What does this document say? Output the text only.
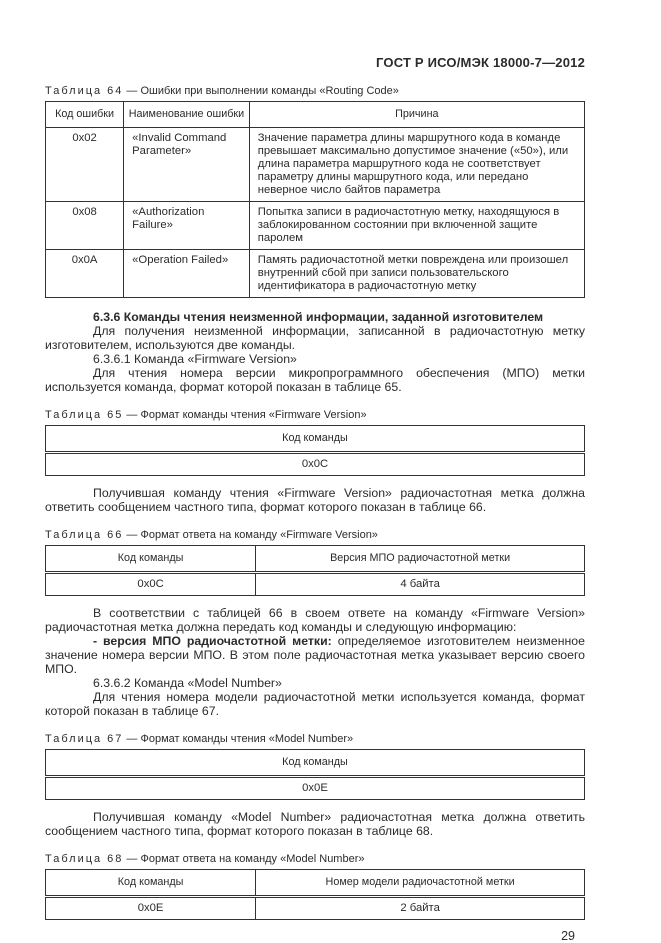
ГОСТ Р ИСО/МЭК 18000-7—2012

Таблица 64 — Ошибки при выполнении команды «Routing Code»

Код ошибки	Наименование ошибки	Причина
0x02	«Invalid Command Parameter»	Значение параметра длины маршрутного кода в команде превышает максимально допустимое значение («50»), или длина параметра маршрутного кода не соответствует параметру длины маршрутного кода, или передано неверное число байтов параметра
0x08	«Authorization Failure»	Попытка записи в радиочастотную метку, находящуюся в заблокированном состоянии при включенной защите паролем
0x0A	«Operation Failed»	Память радиочастотной метки повреждена или произошел внутренний сбой при записи пользовательского идентификатора в радиочастотную метку

6.3.6 Команды чтения неизменной информации, заданной изготовителем

Для получения неизменной информации, записанной в радиочастотную метку изготовителем, используются две команды.

6.3.6.1 Команда «Firmware Version»

Для чтения номера версии микропрограммного обеспечения (МПО) метки используется команда, формат которой показан в таблице 65.

Таблица 65 — Формат команды чтения «Firmware Version»

Код команды
0x0C

Получившая команду чтения «Firmware Version» радиочастотная метка должна ответить сообщением частного типа, формат которого показан в таблице 66.

Таблица 66 — Формат ответа на команду «Firmware Version»

Код команды	Версия МПО радиочастотной метки
0x0C	4 байта

В соответствии с таблицей 66 в своем ответе на команду «Firmware Version» радиочастотная метка должна передать код команды и следующую информацию:

- версия МПО радиочастотной метки: определяемое изготовителем неизменное значение номера версии МПО. В этом поле радиочастотная метка указывает версию своего МПО.

6.3.6.2 Команда «Model Number»

Для чтения номера модели радиочастотной метки используется команда, формат которой показан в таблице 67.

Таблица 67 — Формат команды чтения «Model Number»

Код команды
0x0E

Получившая команду «Model Number» радиочастотная метка должна ответить сообщением частного типа, формат которого показан в таблице 68.

Таблица 68 — Формат ответа на команду «Model Number»

Код команды	Номер модели радиочастотной метки
0x0E	2 байта
29
